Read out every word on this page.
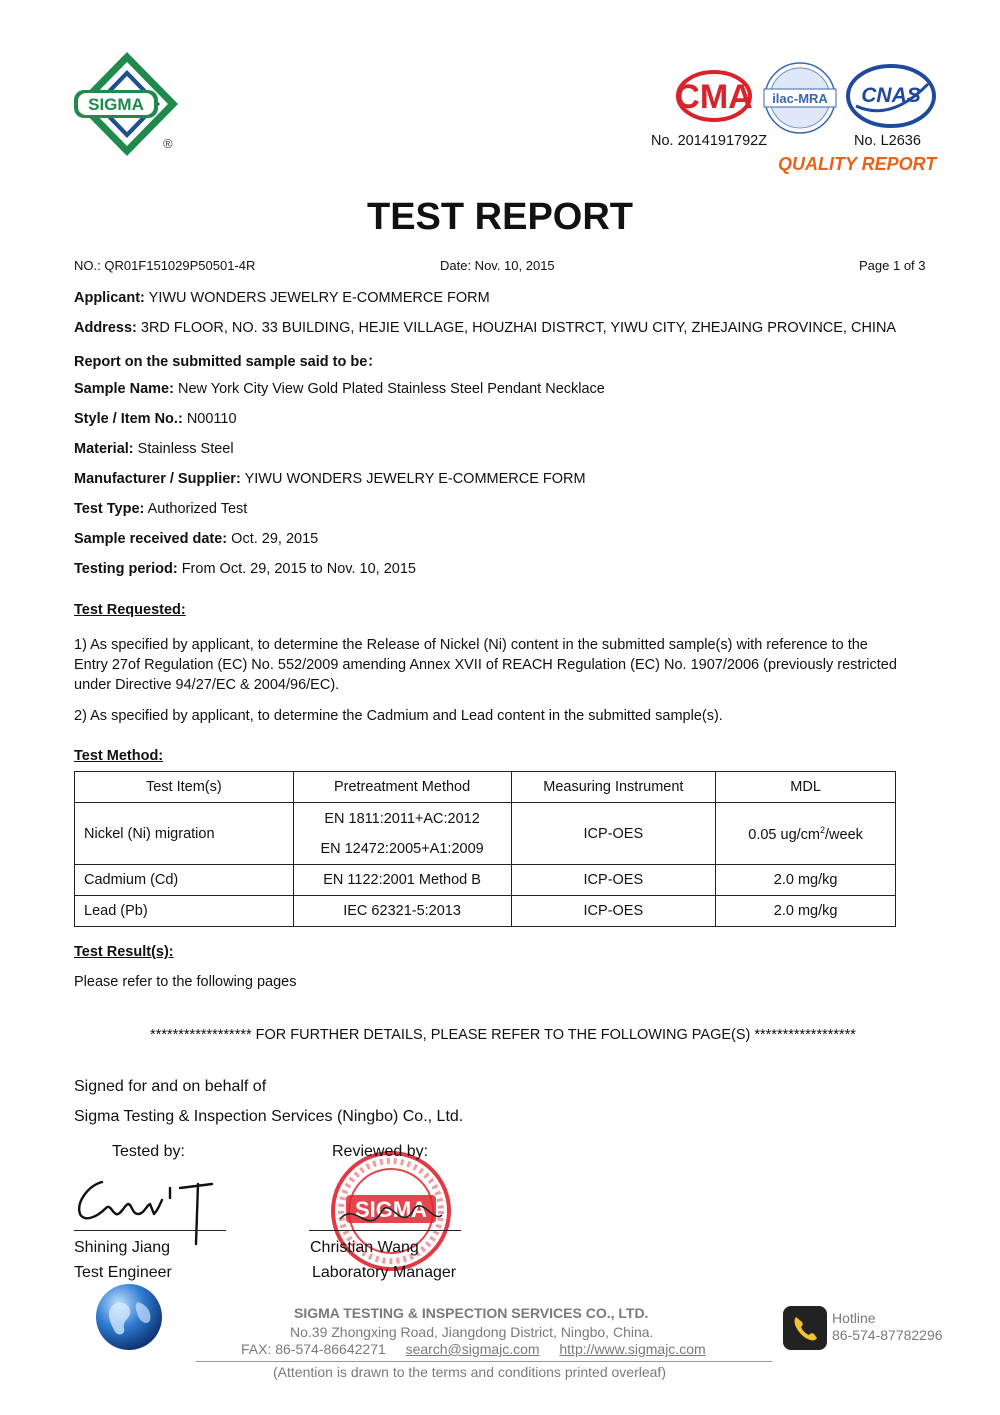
SIGMA
®
CMA ilac-MRA CNAS
No. 2014191792Z	No. L2636
QUALITY REPORT
TEST REPORT
NO.: QR01F151029P50501-4R	Date: Nov. 10, 2015	Page 1 of 3
Applicant: YIWU WONDERS JEWELRY E-COMMERCE FORM
Address: 3RD FLOOR, NO. 33 BUILDING, HEJIE VILLAGE, HOUZHAI DISTRCT, YIWU CITY, ZHEJAING PROVINCE, CHINA
Report on the submitted sample said to be：
Sample Name: New York City View Gold Plated Stainless Steel Pendant Necklace
Style / Item No.: N00110
Material: Stainless Steel
Manufacturer / Supplier: YIWU WONDERS JEWELRY E-COMMERCE FORM
Test Type: Authorized Test
Sample received date: Oct. 29, 2015
Testing period: From Oct. 29, 2015 to Nov. 10, 2015
Test Requested:
1) As specified by applicant, to determine the Release of Nickel (Ni) content in the submitted sample(s) with reference to the
Entry 27of Regulation (EC) No. 552/2009 amending Annex XVII of REACH Regulation (EC) No. 1907/2006 (previously restricted
under Directive 94/27/EC & 2004/96/EC).
2) As specified by applicant, to determine the Cadmium and Lead content in the submitted sample(s).
Test Method:
Test Item(s)	Pretreatment Method	Measuring Instrument	MDL
Nickel (Ni) migration	EN 1811:2011+AC:2012
EN 12472:2005+A1:2009	ICP-OES	0.05 $ug/cm^2$/week
Cadmium (Cd)	EN 1122:2001 Method B	ICP-OES	2.0 mg/kg
Lead (Pb)	IEC 62321-5:2013	ICP-OES	2.0 mg/kg
Test Result(s):
Please refer to the following pages
****************** FOR FURTHER DETAILS, PLEASE REFER TO THE FOLLOWING PAGE(S) ******************
Signed for and on behalf of
Sigma Testing & Inspection Services (Ningbo) Co., Ltd.
Tested by:
SIGMA
Reviewed by:
Shining Jiang
Test Engineer
Christian Wang
Laboratory Manager
SIGMA TESTING & INSPECTION SERVICES CO., LTD.
No.39 Zhongxing Road, Jiangdong District, Ningbo, China.
FAX: 86-574-86642271 search@sigmajc.com http://www.sigmajc.com
(Attention is drawn to the terms and conditions printed overleaf)
Hotline
86-574-87782296
